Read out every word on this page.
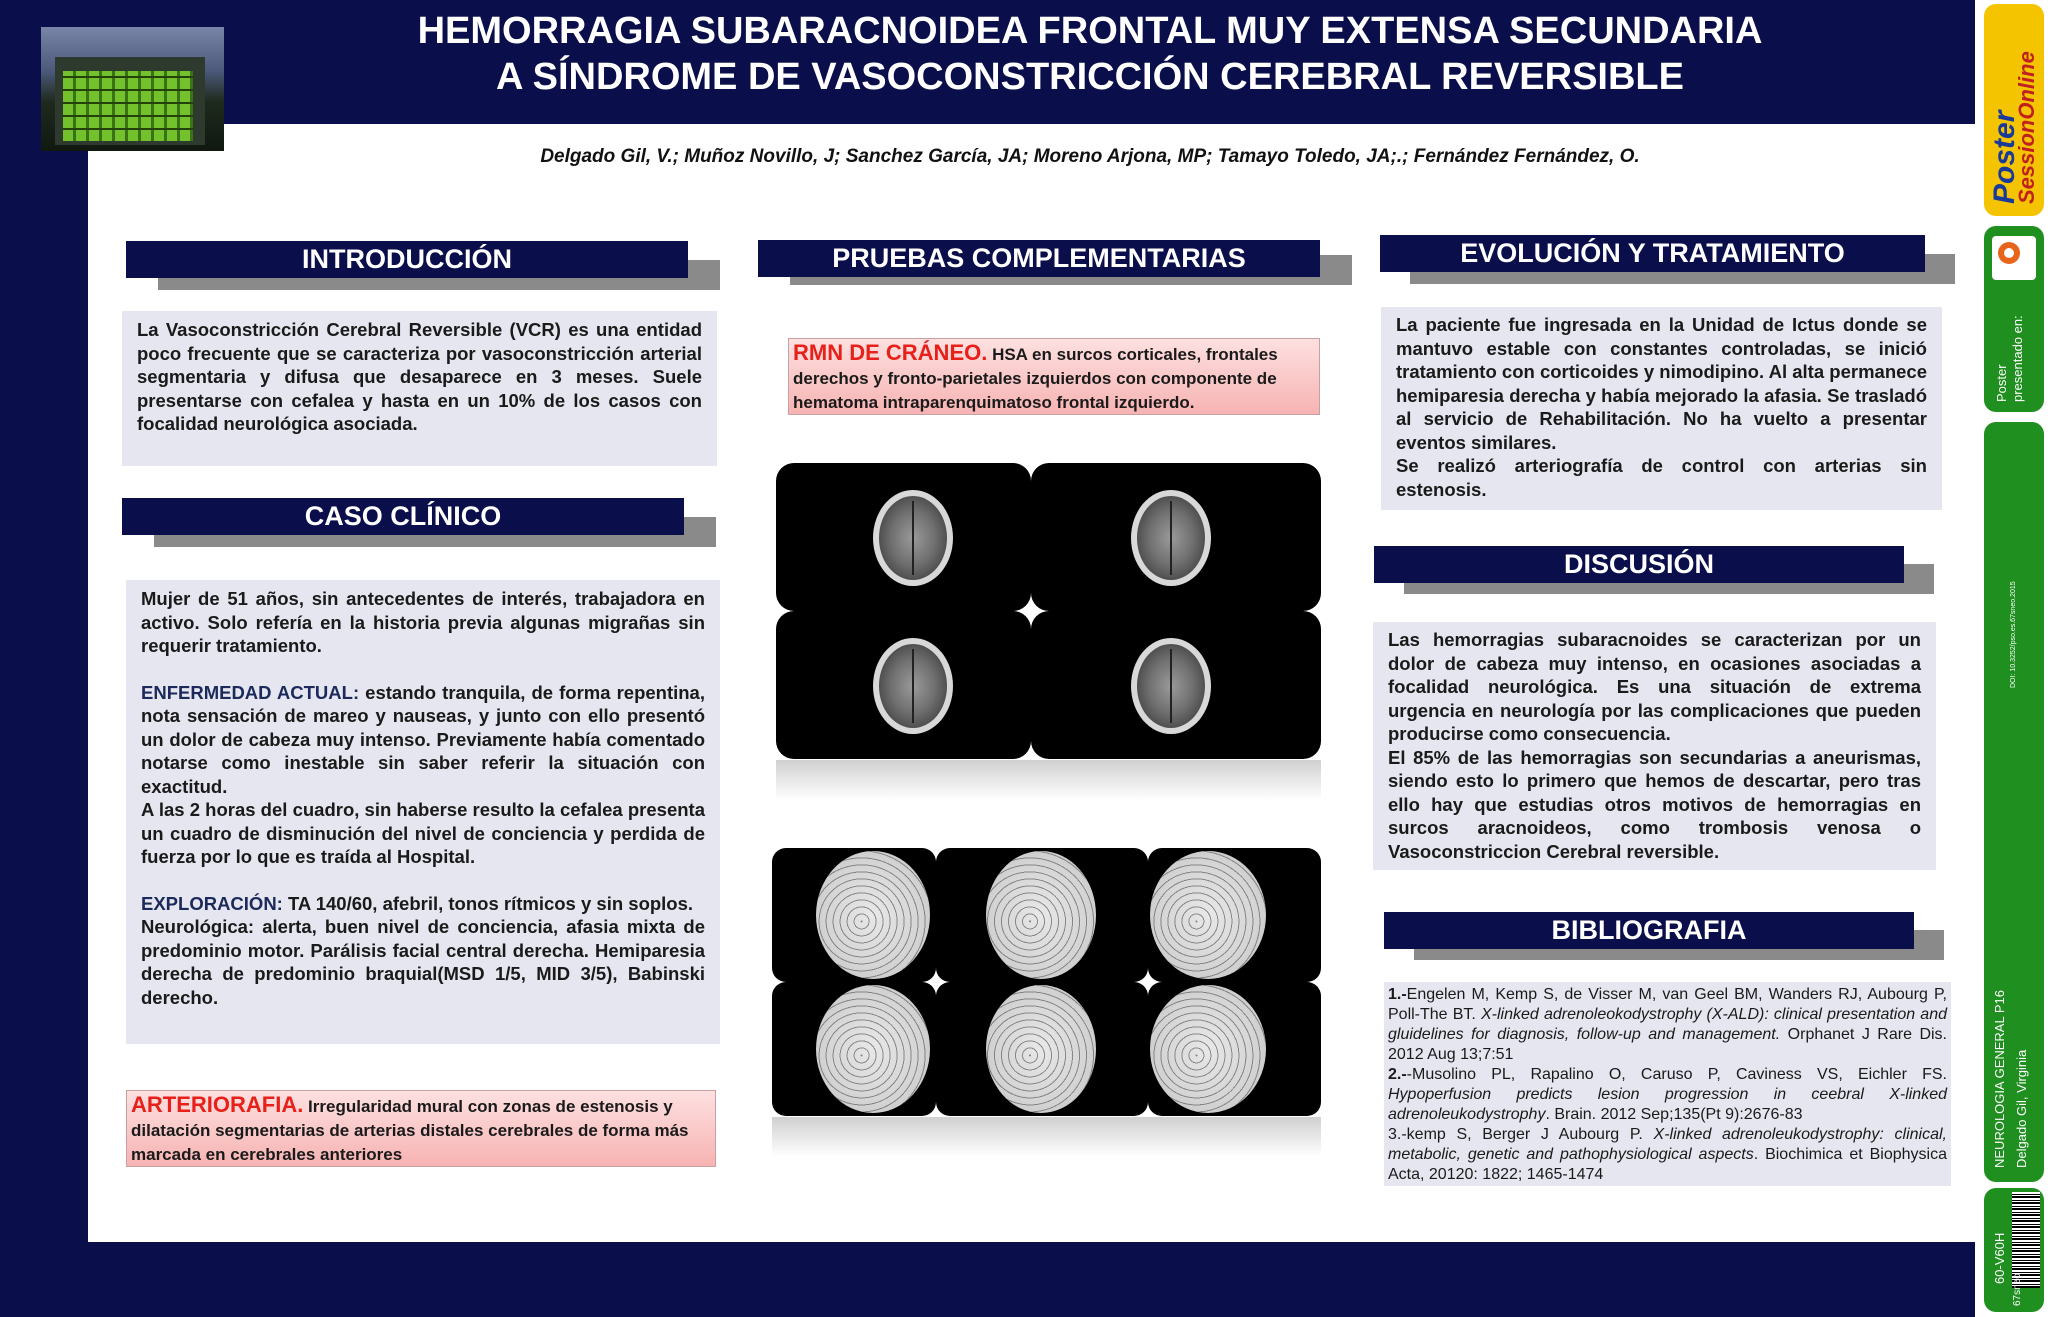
HEMORRAGIA SUBARACNOIDEA FRONTAL MUY EXTENSA SECUNDARIA
A SÍNDROME DE VASOCONSTRICCIÓN CEREBRAL REVERSIBLE
Delgado Gil, V.; Muñoz Novillo, J; Sanchez García, JA; Moreno Arjona, MP; Tamayo Toledo, JA;.; Fernández Fernández, O.
INTRODUCCIÓN

La Vasoconstricción Cerebral Reversible (VCR) es una entidad poco frecuente que se caracteriza por vasoconstricción arterial segmentaria y difusa que desaparece en 3 meses. Suele presentarse con cefalea y hasta en un 10% de los casos con focalidad neurológica asociada.

CASO CLÍNICO

Mujer de 51 años, sin antecedentes de interés, trabajadora en activo. Solo refería en la historia previa algunas migrañas sin requerir tratamiento.

ENFERMEDAD ACTUAL: estando tranquila, de forma repentina, nota sensación de mareo y nauseas, y junto con ello presentó un dolor de cabeza muy intenso. Previamente había comentado notarse como inestable sin saber referir la situación con exactitud.

A las 2 horas del cuadro, sin haberse resulto la cefalea presenta un cuadro de disminución del nivel de conciencia y perdida de fuerza por lo que es traída al Hospital.

EXPLORACIÓN: TA 140/60, afebril, tonos rítmicos y sin soplos.

Neurológica: alerta, buen nivel de conciencia, afasia mixta de predominio motor. Parálisis facial central derecha. Hemiparesia derecha de predominio braquial(MSD 1/5, MID 3/5), Babinski derecho.

ARTERIORAFIA. Irregularidad mural con zonas de estenosis y dilatación segmentarias de arterias distales cerebrales de forma más marcada en cerebrales anteriores
PRUEBAS COMPLEMENTARIAS
RMN DE CRÁNEO. HSA en surcos corticales, frontales derechos y fronto-parietales izquierdos con componente de hematoma intraparenquimatoso frontal izquierdo.
EVOLUCIÓN Y TRATAMIENTO

La paciente fue ingresada en la Unidad de Ictus donde se mantuvo estable con constantes controladas, se inició tratamiento con corticoides y nimodipino. Al alta permanece hemiparesia derecha y había mejorado la afasia. Se trasladó al servicio de Rehabilitación. No ha vuelto a presentar eventos similares.

Se realizó arteriografía de control con arterias sin estenosis.

DISCUSIÓN

Las hemorragias subaracnoides se caracterizan por un dolor de cabeza muy intenso, en ocasiones asociadas a focalidad neurológica. Es una situación de extrema urgencia en neurología por las complicaciones que pueden producirse como consecuencia.

El 85% de las hemorragias son secundarias a aneurismas, siendo esto lo primero que hemos de descartar, pero tras ello hay que estudias otros motivos de hemorragias en surcos aracnoideos, como trombosis venosa o Vasoconstriccion Cerebral reversible.

BIBLIOGRAFIA

1.-Engelen M, Kemp S, de Visser M, van Geel BM, Wanders RJ, Aubourg P, Poll-The BT. X-linked adrenoleokodystrophy (X-ALD): clinical presentation and gluidelines for diagnosis, follow-up and management. Orphanet J Rare Dis. 2012 Aug 13;7:51

2.--Musolino PL, Rapalino O, Caruso P, Caviness VS, Eichler FS. Hypoperfusion predicts lesion progression in ceebral X-linked adrenoleukodystrophy. Brain. 2012 Sep;135(Pt 9):2676-83

3.-kemp S, Berger J Aubourg P. X-linked adrenoleukodystrophy: clinical, metabolic, genetic and pathophysiological aspects. Biochimica et Biophysica Acta, 20120: 1822; 1465-1474

Poster
SessionOnline
Poster presentado en:
DOI: 10.3252/pso.es.67sneo.2015
NEUROLOGIA GENERAL P16 Delgado Gil, Virginia
60-V60H
67sneo
